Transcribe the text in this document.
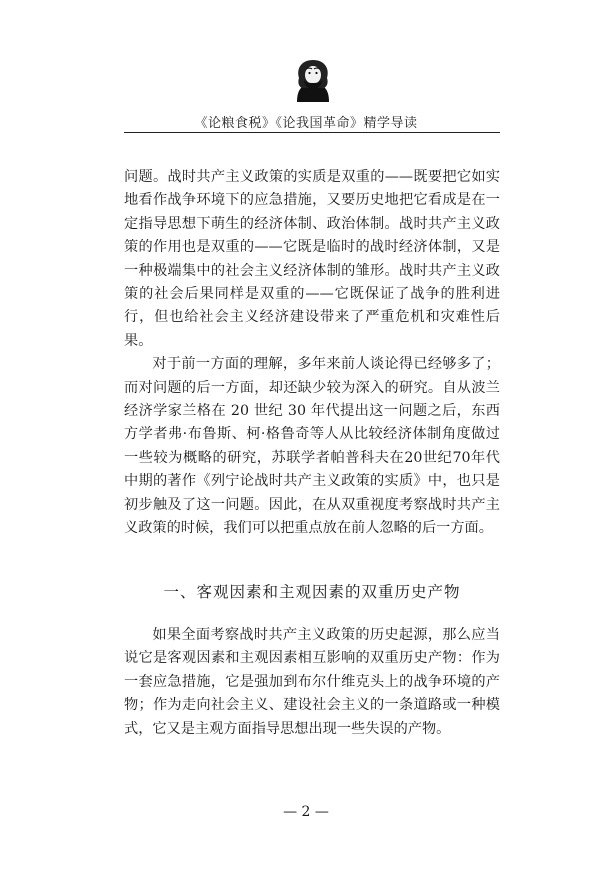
《论粮食税》《论我国革命》精学导读

问题。战时共产主义政策的实质是双重的——既要把它如实地看作战争环境下的应急措施，又要历史地把它看成是在一定指导思想下萌生的经济体制、政治体制。战时共产主义政策的作用也是双重的——它既是临时的战时经济体制，又是一种极端集中的社会主义经济体制的雏形。战时共产主义政策的社会后果同样是双重的——它既保证了战争的胜利进行，但也给社会主义经济建设带来了严重危机和灾难性后果。

对于前一方面的理解，多年来前人谈论得已经够多了；而对问题的后一方面，却还缺少较为深入的研究。自从波兰经济学家兰格在 20 世纪 30 年代提出这一问题之后，东西方学者弗·布鲁斯、柯·格鲁奇等人从比较经济体制角度做过一些较为概略的研究，苏联学者帕普科夫在20世纪70年代中期的著作《列宁论战时共产主义政策的实质》中，也只是初步触及了这一问题。因此，在从双重视度考察战时共产主义政策的时候，我们可以把重点放在前人忽略的后一方面。

一、客观因素和主观因素的双重历史产物

如果全面考察战时共产主义政策的历史起源，那么应当说它是客观因素和主观因素相互影响的双重历史产物：作为一套应急措施，它是强加到布尔什维克头上的战争环境的产物；作为走向社会主义、建设社会主义的一条道路或一种模式，它又是主观方面指导思想出现一些失误的产物。

— 2 —
